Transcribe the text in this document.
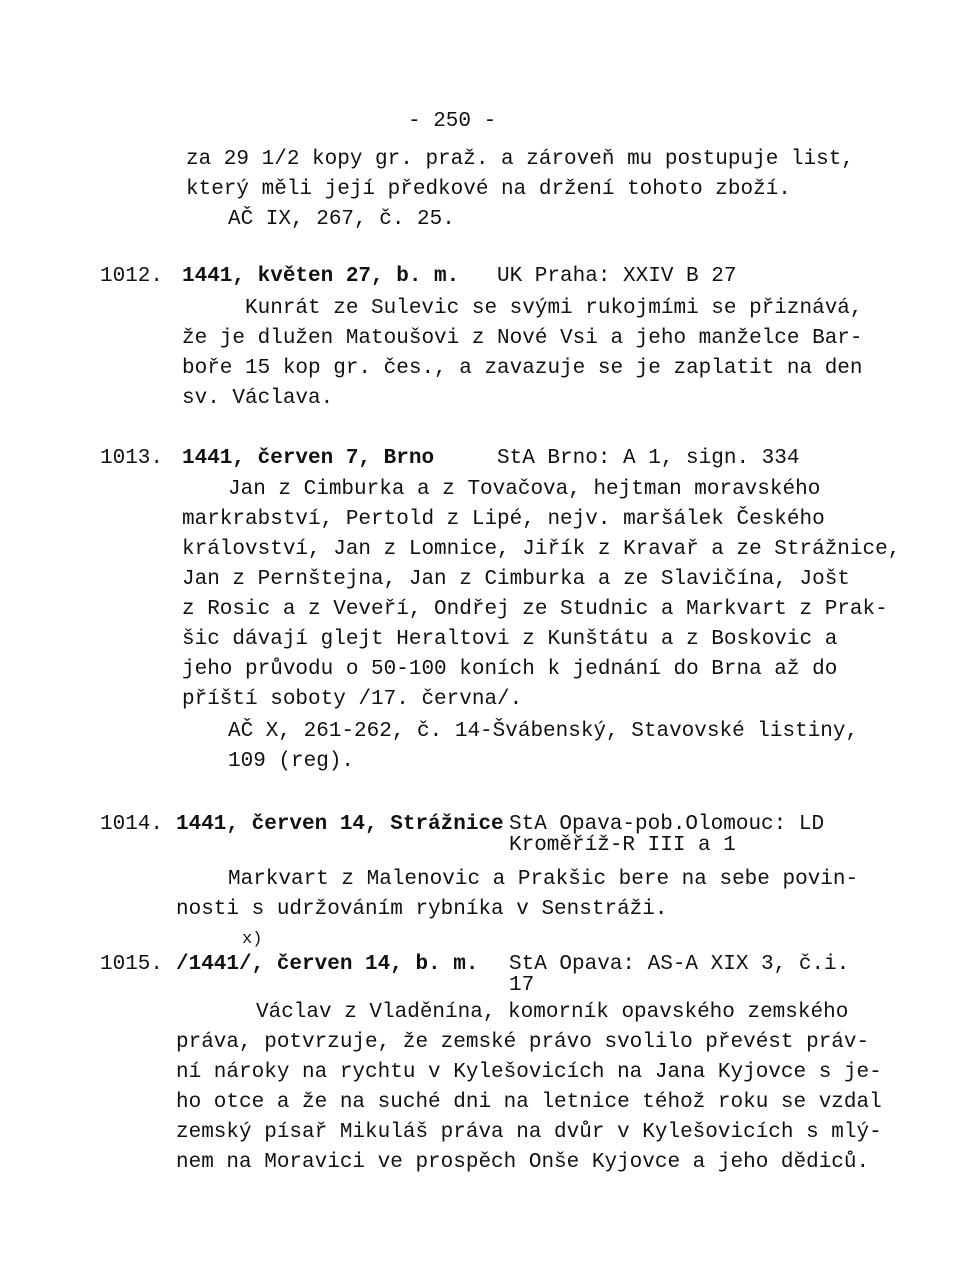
- 250 -
za 29 1/2 kopy gr. praž. a zároveň mu postupuje list,
který měli její předkové na držení tohoto zboží.
AČ IX, 267, č. 25.
1012. 1441, květen 27, b. m. UK Praha: XXIV B 27
Kunrát ze Sulevic se svými rukojmími se přiznává,
že je dlužen Matoušovi z Nové Vsi a jeho manželce Bar-
boře 15 kop gr. čes., a zavazuje se je zaplatit na den
sv. Václava.
1013. 1441, červen 7, Brno	StA Brno: A 1, sign. 334
Jan z Cimburka a z Tovačova, hejtman moravského
markrabství, Pertold z Lipé, nejv. maršálek Českého
království, Jan z Lomnice, Jiřík z Kravař a ze Strážnice,
Jan z Pernštejna, Jan z Cimburka a ze Slavičína, Jošt
z Rosic a z Veveří, Ondřej ze Studnic a Markvart z Prak-
šic dávají glejt Heraltovi z Kunštátu a z Boskovic a
jeho průvodu o 50-100 koních k jednání do Brna až do
příští soboty /17. června/.
AČ X, 261-262, č. 14-Švábenský, Stavovské listiny,
109 (reg).
1014. 1441, červen 14, Strážnice StA Opava-pob.Olomouc: LD
Kroměříž-R III a 1
Markvart z Malenovic a Prakšic bere na sebe povin-
nosti s udržováním rybníka v Senstráži.
x)
1015. /1441/, červen 14, b. m. StA Opava: AS-A XIX 3, č.i.
17
Václav z Vladěnína, komorník opavského zemského
práva, potvrzuje, že zemské právo svolilo převést práv-
ní nároky na rychtu v Kylešovicích na Jana Kyjovce s je-
ho otce a že na suché dni na letnice téhož roku se vzdal
zemský písař Mikuláš práva na dvůr v Kylešovicích s mlý-
nem na Moravici ve prospěch Onše Kyjovce a jeho dědiců.
